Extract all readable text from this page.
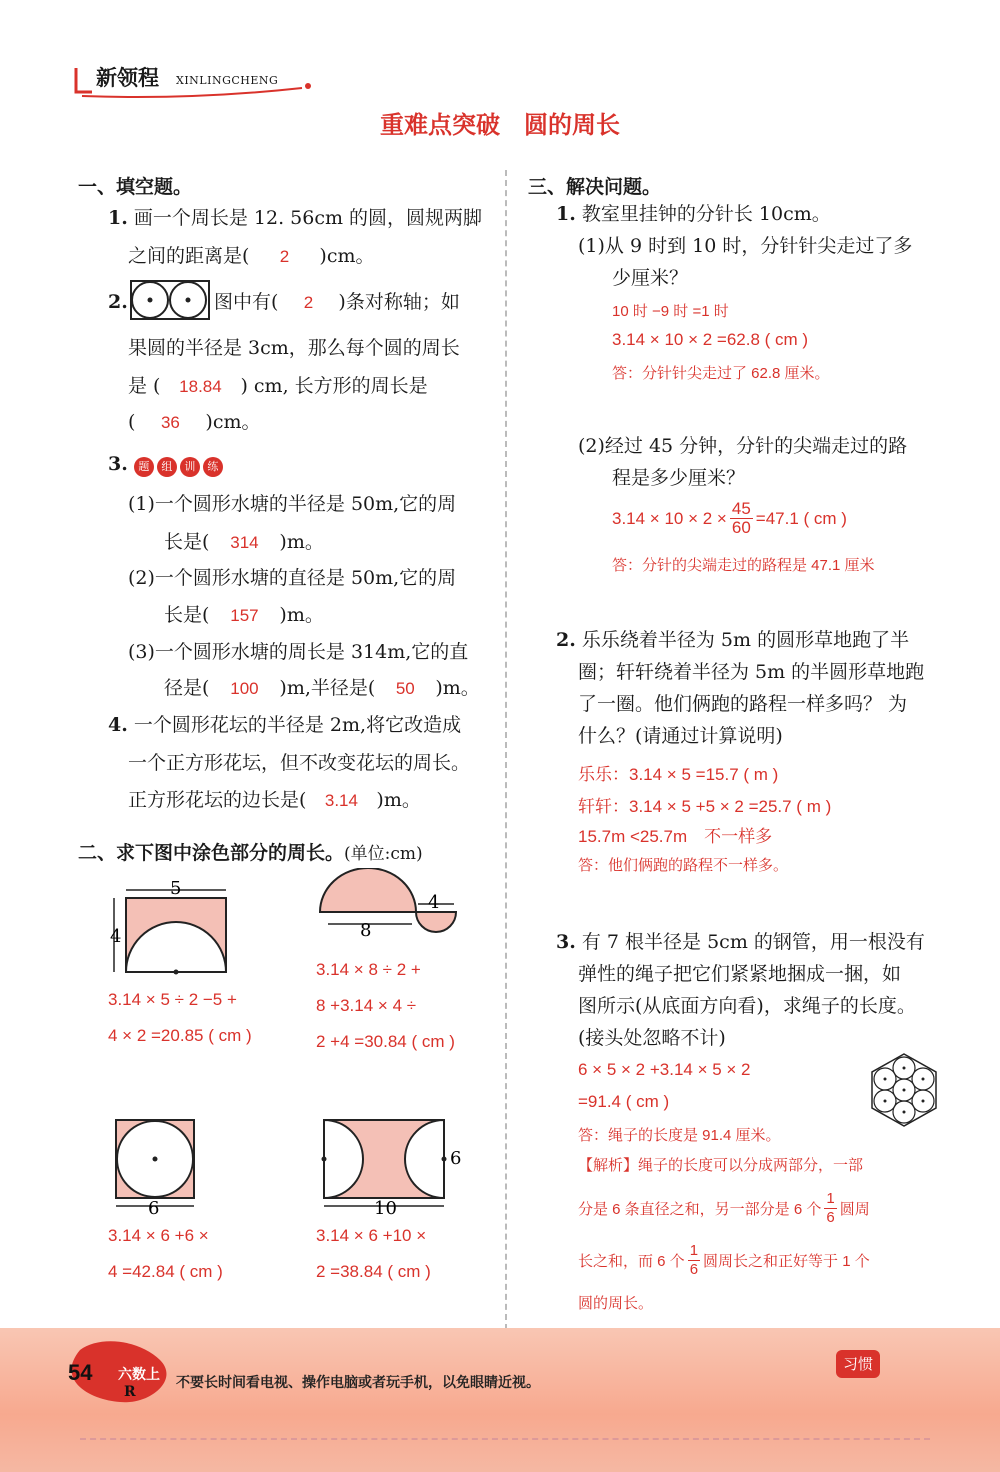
新领程 XINLINGCHENG
重难点突破　圆的周长
一、填空题。
1. 画一个周长是 12. 56cm 的圆，圆规两脚
之间的距离是( 2 )cm。
2.	图中有( 2 )条对称轴；如
果圆的半径是 3cm，那么每个圆的周长
是 ( 18.84 ) cm, 长方形的周长是
( 36 )cm。
3. 题 组 训 练
(1)一个圆形水塘的半径是 50m,它的周
长是( 314 )m。
(2)一个圆形水塘的直径是 50m,它的周
长是( 157 )m。
(3)一个圆形水塘的周长是 314m,它的直
径是( 100 )m,半径是( 50 )m。
4. 一个圆形花坛的半径是 2m,将它改造成
一个正方形花坛，但不改变花坛的周长。
正方形花坛的边长是( 3.14 )m。
二、求下图中涂色部分的周长。(单位:cm)
5
4
3.14 × 5 ÷ 2 −5 +
4 × 2 =20.85 ( cm )
8
4
3.14 × 8 ÷ 2 +
8 +3.14 × 4 ÷
2 +4 =30.84 ( cm )
6
3.14 × 6 +6 ×
4 =42.84 ( cm )
10
6
3.14 × 6 +10 ×
2 =38.84 ( cm )
三、解决问题。
1. 教室里挂钟的分针长 10cm。
(1)从 9 时到 10 时，分针针尖走过了多
少厘米？
10 时 −9 时 =1 时
3.14 × 10 × 2 =62.8 ( cm )
答：分针针尖走过了 62.8 厘米。
(2)经过 45 分钟，分针的尖端走过的路
程是多少厘米？
$3.14 \times 10 \times 2 \times \frac{45}{60} =47.1$ ( cm )
答：分针的尖端走过的路程是 47.1 厘米
2. 乐乐绕着半径为 5m 的圆形草地跑了半
圈；轩轩绕着半径为 5m 的半圆形草地跑
了一圈。他们俩跑的路程一样多吗？ 为
什么？(请通过计算说明)
乐乐：3.14 × 5 =15.7 ( m )
轩轩：3.14 × 5 +5 × 2 =25.7 ( m )
15.7m <25.7m　不一样多
答：他们俩跑的路程不一样多。
3. 有 7 根半径是 5cm 的钢管，用一根没有
弹性的绳子把它们紧紧地捆成一捆，如
图所示(从底面方向看)，求绳子的长度。
(接头处忽略不计)
6 × 5 × 2 +3.14 × 5 × 2
=91.4 ( cm )
答：绳子的长度是 91.4 厘米。
【解析】绳子的长度可以分成两部分，一部
分是 6 条直径之和，另一部分是 6 个 $\frac{1}{6}$ 圆周
长之和，而 6 个 $\frac{1}{6}$ 圆周长之和正好等于 1 个
圆的周长。
54 六数上
R
不要长时间看电视、操作电脑或者玩手机，以免眼睛近视。
习惯
